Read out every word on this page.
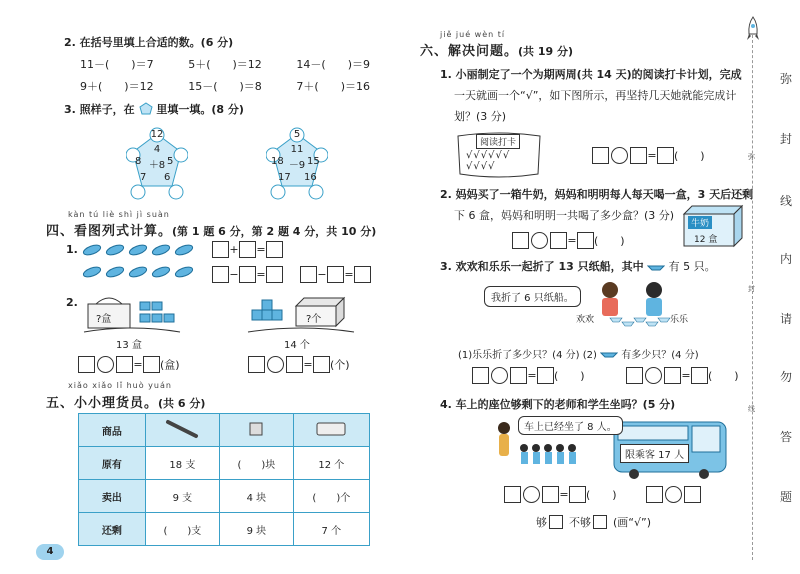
2. 在括号里填上合适的数。(6 分)
11－(　　)＝7	5＋(　　)＝12	14－(　　)＝9
9＋(　　)＝12	15－(　　)＝8	7＋(　　)＝16
3. 照样子，在 里填一填。(8 分)
12
4
8 ＋8 5
7 6
5
11
18 －9 15
17 16
kàn tú liè shì jì suàn
四、看图列式计算。(第 1 题 6 分，第 2 题 4 分，共 10 分)
1.	+ =
− =	− =
2.
?盒
13 盒
?个
14 个
= (盒)	= (个)
xiǎo xiǎo lǐ huò yuán
五、小小理货员。(共 6 分)
商品			
原有	18 支	(　　)块	12 个
卖出	9 支	4 块	(　　)个
还剩	(　　)支	9 块	7 个
4
jiě jué wèn tí
六、解决问题。(共 19 分)
1. 小丽制定了一个为期两周(共 14 天)的阅读打卡计划，完成
一天就画一个“√”，如下图所示，再坚持几天她就能完成计
划？(3 分)
阅读打卡
√√√√√√
√√√√
= (　　)
2. 妈妈买了一箱牛奶，妈妈和明明每人每天喝一盒，3 天后还剩
下 6 盒，妈妈和明明一共喝了多少盒？(3 分)
牛奶
12 盒
= (　　)
3. 欢欢和乐乐一起折了 13 只纸船，其中 有 5 只。
我折了 6 只纸船。
欢欢	乐乐
(1)乐乐折了多少只？(4 分) (2) 有多少只？(4 分)
= (　　)	= (　　)
4. 车上的座位够剩下的老师和学生坐吗？(5 分)
车上已经坐了 8 人。
限乘客 17 人
= (　　)
够 不够 (画“√”)
弥
封
线
弥
封
线
内
请
勿
答
题
